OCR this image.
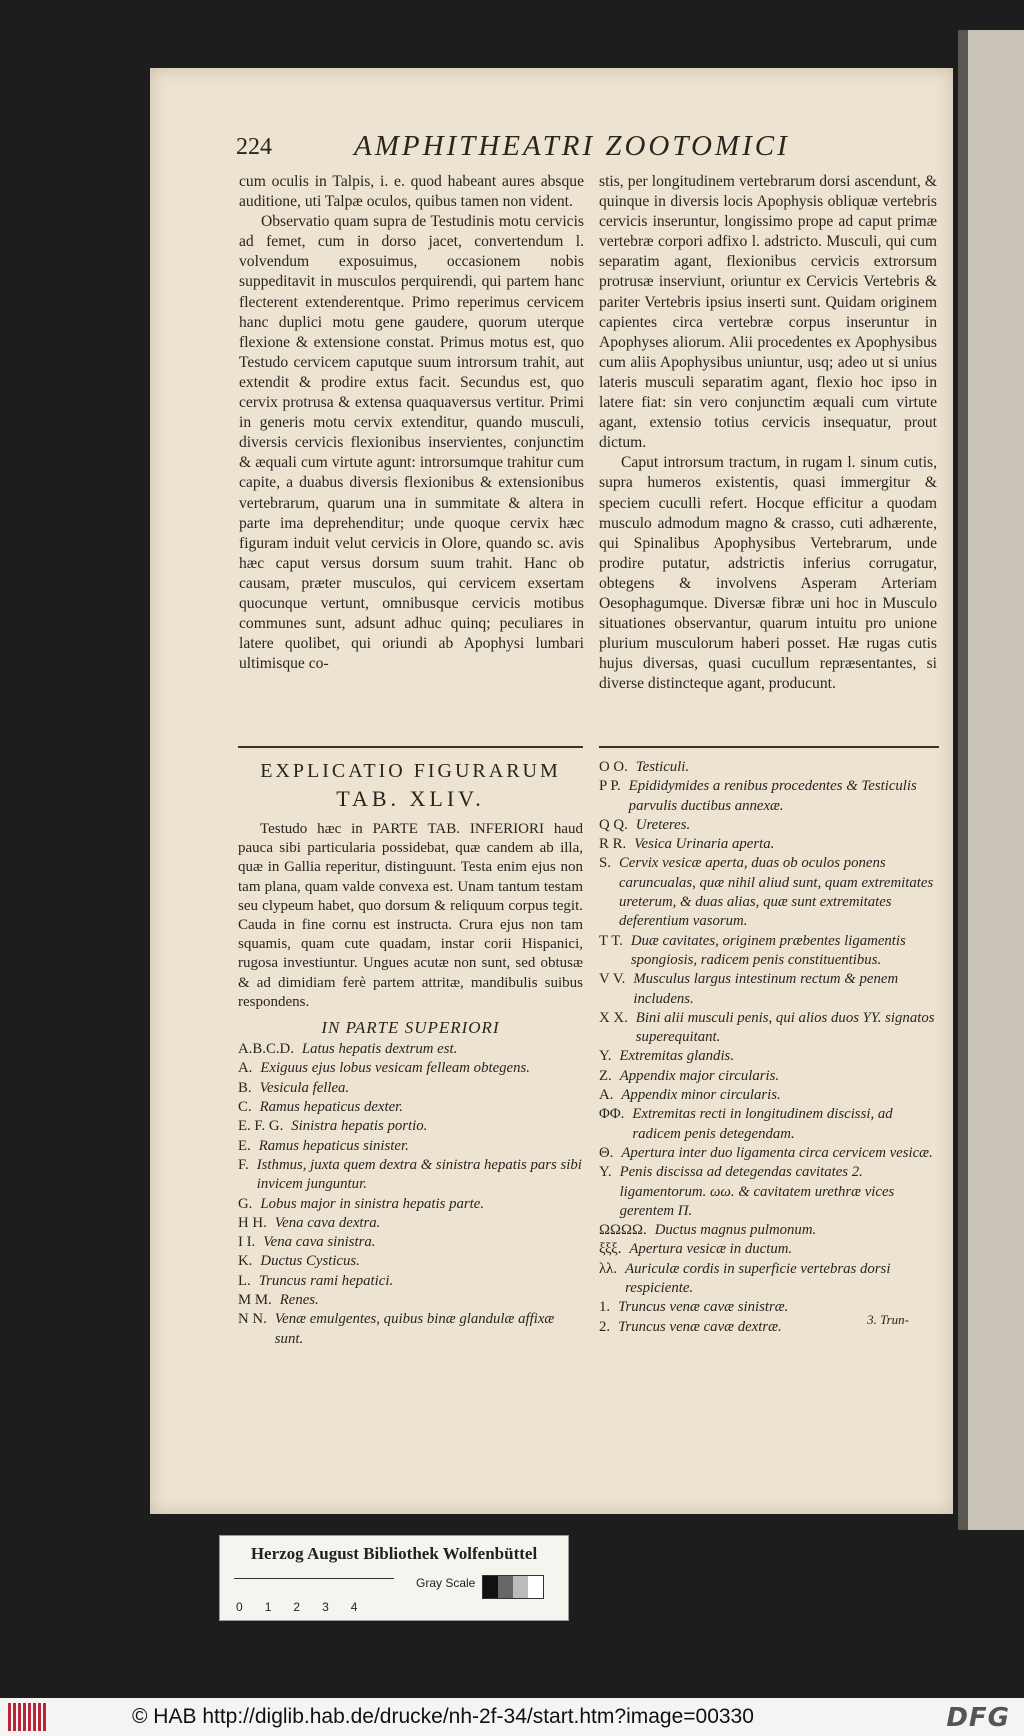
224	AMPHITHEATRI ZOOTOMICI

cum oculis in Talpis, i. e. quod habeant aures absque auditione, uti Talpæ oculos, quibus tamen non vident.

Observatio quam supra de Testudinis motu cervicis ad femet, cum in dorso jacet, convertendum l. volvendum exposuimus, occasionem nobis suppeditavit in musculos perquirendi, qui partem hanc flecterent extenderentque. Primo reperimus cervicem hanc duplici motu gene gaudere, quorum uterque flexione & extensione constat. Primus motus est, quo Testudo cervicem caputque suum introrsum trahit, aut extendit & prodire extus facit. Secundus est, quo cervix protrusa & extensa quaquaversus vertitur. Primi in generis motu cervix extenditur, quando musculi, diversis cervicis flexionibus inservientes, conjunctim & æquali cum virtute agunt: introrsumque trahitur cum capite, a duabus diversis flexionibus & extensionibus vertebrarum, quarum una in summitate & altera in parte ima deprehenditur; unde quoque cervix hæc figuram induit velut cervicis in Olore, quando sc. avis hæc caput versus dorsum suum trahit. Hanc ob causam, præter musculos, qui cervicem exsertam quocunque vertunt, omnibusque cervicis motibus communes sunt, adsunt adhuc quinq; peculiares in latere quolibet, qui oriundi ab Apophysi lumbari ultimisque co-

stis, per longitudinem vertebrarum dorsi ascendunt, & quinque in diversis locis Apophysis obliquæ vertebris cervicis inseruntur, longissimo prope ad caput primæ vertebræ corpori adfixo l. adstricto. Musculi, qui cum separatim agant, flexionibus cervicis extrorsum protrusæ inserviunt, oriuntur ex Cervicis Vertebris & pariter Vertebris ipsius inserti sunt. Quidam originem capientes circa vertebræ corpus inseruntur in Apophyses aliorum. Alii procedentes ex Apophysibus cum aliis Apophysibus uniuntur, usq; adeo ut si unius lateris musculi separatim agant, flexio hoc ipso in latere fiat: sin vero conjunctim æquali cum virtute agant, extensio totius cervicis insequatur, prout dictum.

Caput introrsum tractum, in rugam l. sinum cutis, supra humeros existentis, quasi immergitur & speciem cuculli refert. Hocque efficitur a quodam musculo admodum magno & crasso, cuti adhærente, qui Spinalibus Apophysibus Vertebrarum, unde prodire putatur, adstrictis inferius corrugatur, obtegens & involvens Asperam Arteriam Oesophagumque. Diversæ fibræ uni hoc in Musculo situationes observantur, quarum intuitu pro unione plurium musculorum haberi posset. Hæ rugas cutis hujus diversas, quasi cucullum repræsentantes, si diverse distincteque agant, producunt.

EXPLICATIO FIGURARUM
TAB. XLIV.

Testudo hæc in PARTE TAB. INFERIORI haud pauca sibi particularia possidebat, quæ candem ab illa, quæ in Gallia reperitur, distinguunt. Testa enim ejus non tam plana, quam valde convexa est. Unam tantum testam seu clypeum habet, quo dorsum & reliquum corpus tegit. Cauda in fine cornu est instructa. Crura ejus non tam squamis, quam cute quadam, instar corii Hispanici, rugosa investiuntur. Ungues acutæ non sunt, sed obtusæ & ad dimidiam ferè partem attritæ, mandibulis suibus respondens.

IN PARTE SUPERIORI
A.B.C.D. Latus hepatis dextrum est.
A. Exiguus ejus lobus vesicam felleam obtegens.
B. Vesicula fellea.
C. Ramus hepaticus dexter.
E. F. G. Sinistra hepatis portio.
E. Ramus hepaticus sinister.
F. Isthmus, juxta quem dextra & sinistra hepatis pars sibi invicem junguntur.
G. Lobus major in sinistra hepatis parte.
H H. Vena cava dextra.
I I. Vena cava sinistra.
K. Ductus Cysticus.
L. Truncus rami hepatici.
M M. Renes.
N N. Venæ emulgentes, quibus binæ glandulæ affixæ sunt.
O O. Testiculi.
P P. Epididymides a renibus procedentes & Testiculis parvulis ductibus annexæ.
Q Q. Ureteres.
R R. Vesica Urinaria aperta.
S. Cervix vesicæ aperta, duas ob oculos ponens caruncualas, quæ nihil aliud sunt, quam extremitates ureterum, & duas alias, quæ sunt extremitates deferentium vasorum.
T T. Duæ cavitates, originem præbentes ligamentis spongiosis, radicem penis constituentibus.
V V. Musculus largus intestinum rectum & penem includens.
X X. Bini alii musculi penis, qui alios duos YY. signatos superequitant.
Y. Extremitas glandis.
Z. Appendix major circularis.
A. Appendix minor circularis.
ΦΦ. Extremitas recti in longitudinem discissi, ad radicem penis detegendam.
Θ. Apertura inter duo ligamenta circa cervicem vesicæ.
Υ. Penis discissa ad detegendas cavitates 2. ligamentorum. ωω. & cavitatem urethræ vices gerentem Π.
ΩΩΩΩ. Ductus magnus pulmonum.
ξξξ. Apertura vesicæ in ductum.
λλ. Auriculæ cordis in superficie vertebras dorsi respiciente.
1. Truncus venæ cavæ sinistræ.
2. Truncus venæ cavæ dextræ.	3. Trun-
Herzog August Bibliothek Wolfenbüttel
0 1 2 3 4
Gray Scale
© HAB http://diglib.hab.de/drucke/nh-2f-34/start.htm?image=00330	DFG
